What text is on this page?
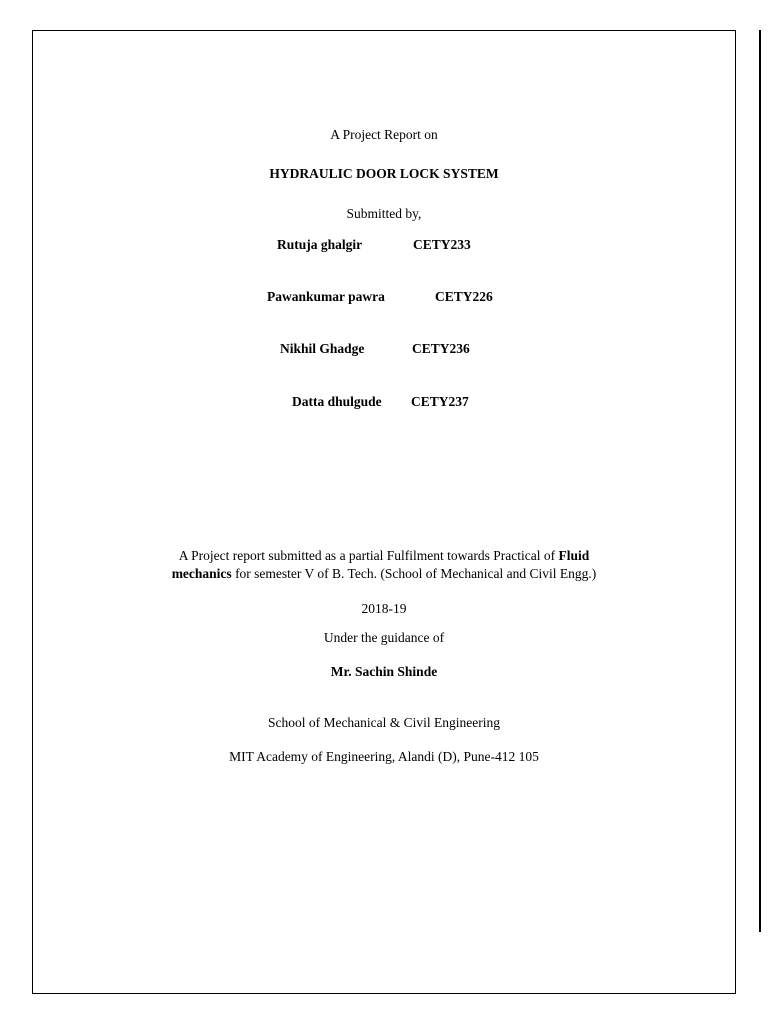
A Project Report on
HYDRAULIC DOOR LOCK SYSTEM
Submitted by,
Rutuja ghalgir	CETY233
Pawankumar pawra	CETY226
Nikhil Ghadge	CETY236
Datta dhulgude CETY237
A Project report submitted as a partial Fulfilment towards Practical of Fluid
mechanics for semester V of B. Tech. (School of Mechanical and Civil Engg.)
2018-19
Under the guidance of
Mr. Sachin Shinde
School of Mechanical & Civil Engineering
MIT Academy of Engineering, Alandi (D), Pune-412 105
